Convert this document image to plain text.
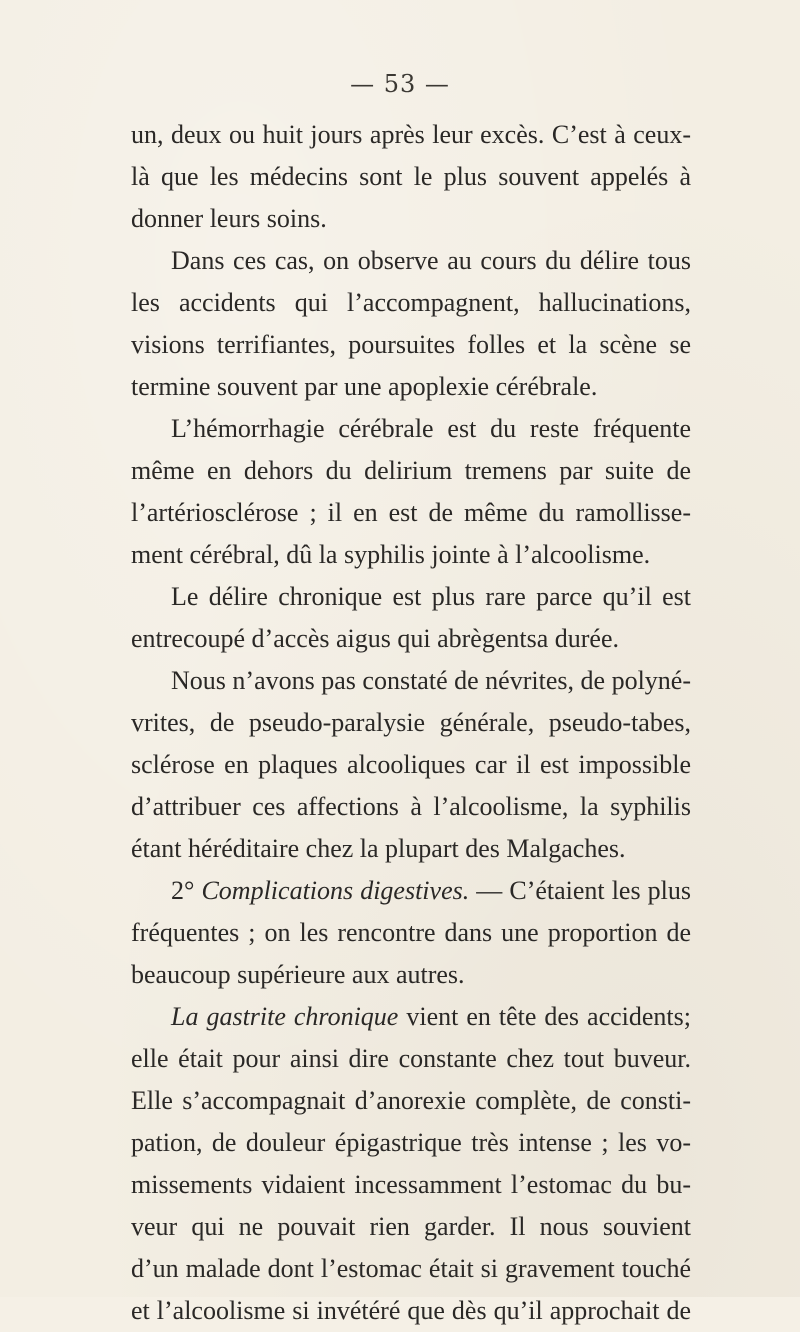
— 53 —
un, deux ou huit jours après leur excès. C’est à ceux-
là que les médecins sont le plus souvent appelés à
donner leurs soins.
Dans ces cas, on observe au cours du délire tous
les accidents qui l’accompagnent, hallucinations,
visions terrifiantes, poursuites folles et la scène se
termine souvent par une apoplexie cérébrale.
L’hémorrhagie cérébrale est du reste fréquente
même en dehors du delirium tremens par suite de
l’artériosclérose ; il en est de même du ramollisse-
ment cérébral, dû la syphilis jointe à l’alcoolisme.
Le délire chronique est plus rare parce qu’il est
entrecoupé d’accès aigus qui abrègentsa durée.
Nous n’avons pas constaté de névrites, de polyné-
vrites, de pseudo-paralysie générale, pseudo-tabes,
sclérose en plaques alcooliques car il est impossible
d’attribuer ces affections à l’alcoolisme, la syphilis
étant héréditaire chez la plupart des Malgaches.
2° Complications digestives. — C’étaient les plus
fréquentes ; on les rencontre dans une proportion de
beaucoup supérieure aux autres.
La gastrite chronique vient en tête des accidents;
elle était pour ainsi dire constante chez tout buveur.
Elle s’accompagnait d’anorexie complète, de consti-
pation, de douleur épigastrique très intense ; les vo-
missements vidaient incessamment l’estomac du bu-
veur qui ne pouvait rien garder. Il nous souvient
d’un malade dont l’estomac était si gravement touché
et l’alcoolisme si invétéré que dès qu’il approchait de
